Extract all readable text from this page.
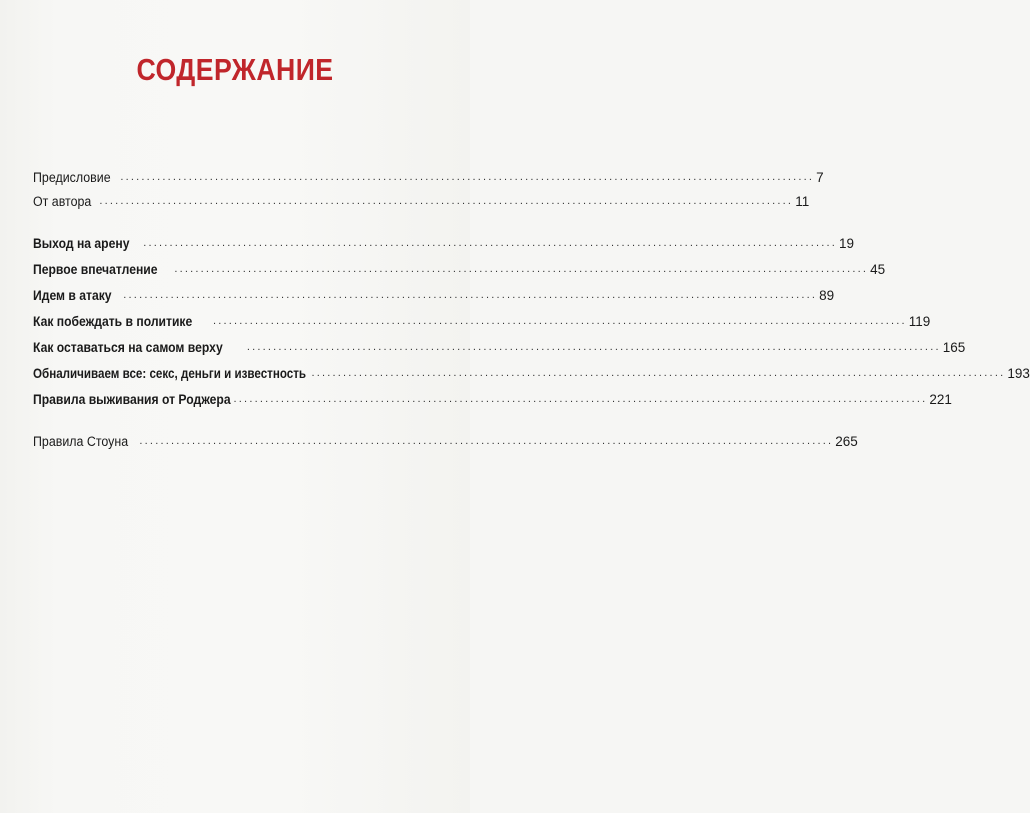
СОДЕРЖАНИЕ
Предисловие .................................................................................................................................... 7
От автора .................................................................................................................................... 11
Выход на арену .................................................................................................................................... 19
Первое впечатление .................................................................................................................................... 45
Идем в атаку .................................................................................................................................... 89
Как побеждать в политике .................................................................................................................................... 119
Как оставаться на самом верху .................................................................................................................................... 165
Обналичиваем все: секс, деньги и известность .................................................................................................................................... 193
Правила выживания от Роджера .................................................................................................................................... 221
Правила Стоуна .................................................................................................................................... 265
